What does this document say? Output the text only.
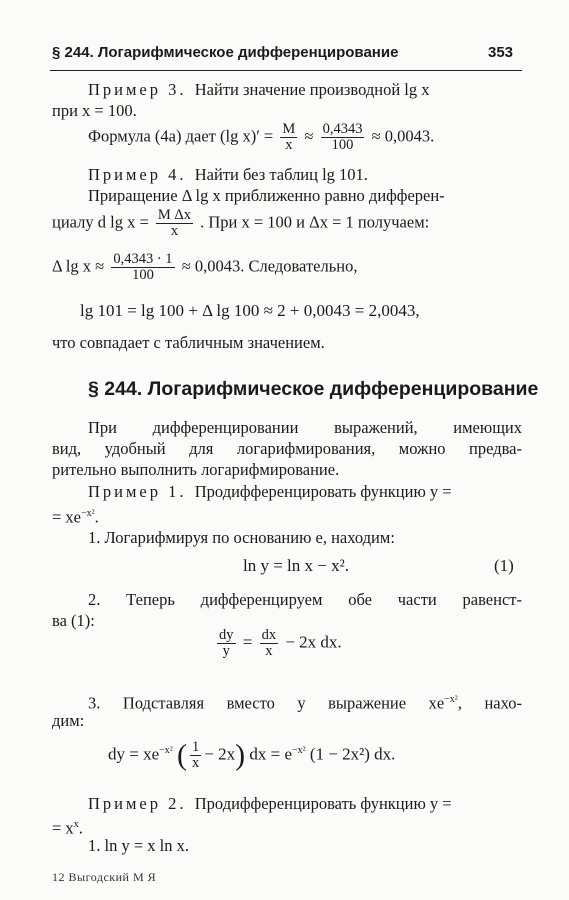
§ 244. Логарифмическое дифференцирование	353
Пример 3. Найти значение производной lg x
при x = 100.
Формула (4a) дает (lg $x)' = \frac{M}{x} \approx \frac{0,4343}{100} \approx 0,0043$.
Пример 4. Найти без таблиц lg 101.
Приращение Δ lg x приближенно равно дифферен-
циалу d $\lg x = \frac{\text{M Δx}}{x}$ . При x = 100 и Δx = 1 получаем:
Δ $\lg x \approx \frac{0,4343 \cdot 1}{100} \approx 0,0043$. Следовательно,
lg 101 = lg 100 + Δ lg 100 ≈ 2 + 0,0043 = 2,0043,
что совпадает с табличным значением.
§ 244. Логарифмическое дифференцирование
При дифференцировании выражений, имеющих
вид, удобный для логарифмирования, можно предва-
рительно выполнить логарифмирование.
Пример 1. Продифференцировать функцию y =
= $xe^{-x^2}$.
1. Логарифмируя по основанию e, находим:
ln y = ln x − x².	(1)
2. Теперь дифференцируем обе части равенст-
ва (1):
$\frac{dy}{y} = \frac{dx}{x} - 2x$ dx.
3. Подставляя вместо y выражение $xe^{-x^2}$, нахо-
дим:
dy = $xe^{-x^2}$ ( $\frac{1}{x} - 2x$) dx = $e^{-x^2}$ (1 − 2x²) dx.
Пример 2. Продифференцировать функцию y =
= $x^x$.
1. ln y = x ln x.
12 Выгодский М Я
